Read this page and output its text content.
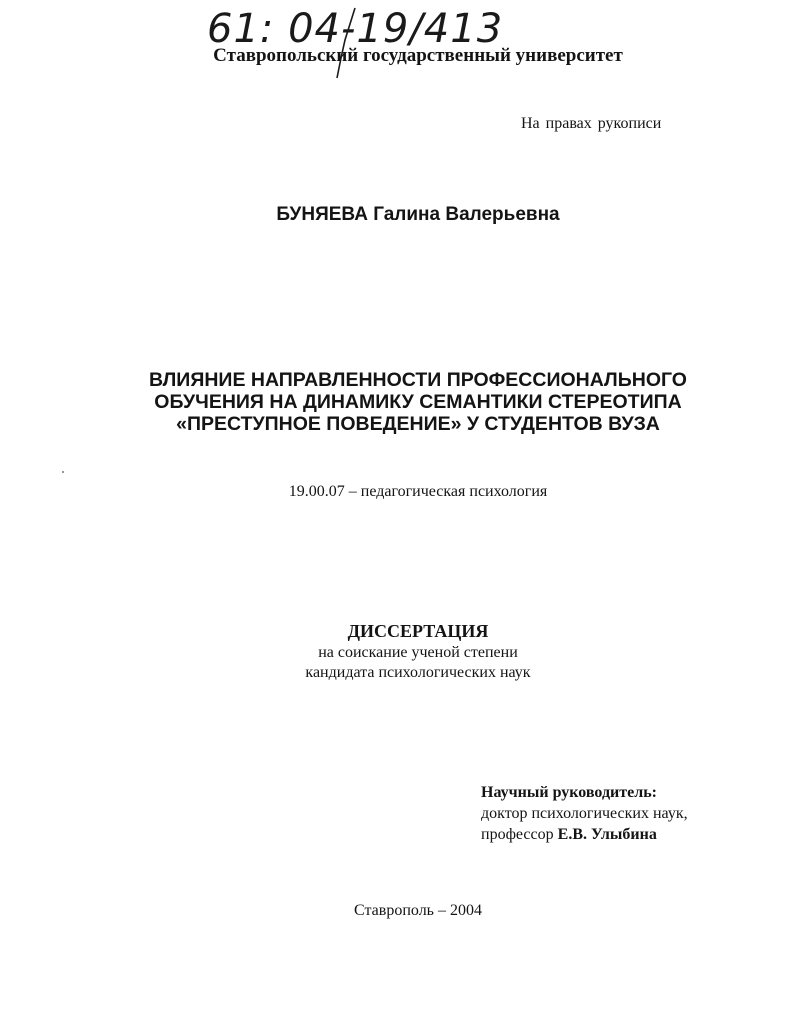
61: 04-19/413
Ставропольский государственный университет
На правах рукописи
БУНЯЕВА Галина Валерьевна
ВЛИЯНИЕ НАПРАВЛЕННОСТИ ПРОФЕССИОНАЛЬНОГО
ОБУЧЕНИЯ НА ДИНАМИКУ СЕМАНТИКИ СТЕРЕОТИПА
«ПРЕСТУПНОЕ ПОВЕДЕНИЕ» У СТУДЕНТОВ ВУЗА
19.00.07 – педагогическая психология
ДИССЕРТАЦИЯ
на соискание ученой степени
кандидата психологических наук
Научный руководитель:
доктор психологических наук,
профессор Е.В. Улыбина
Ставрополь – 2004
